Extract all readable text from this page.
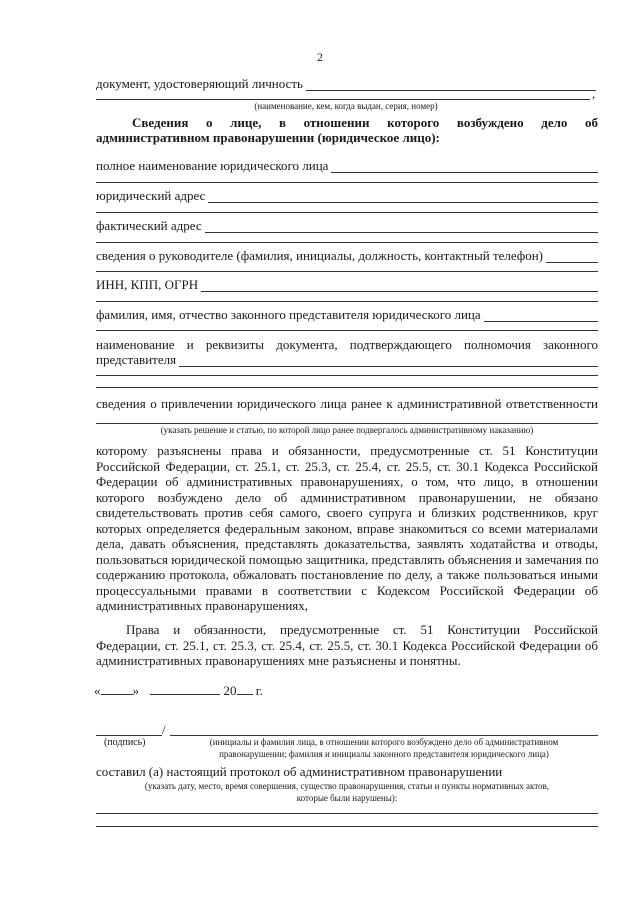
2
документ, удостоверяющий личность
,
(наименование, кем, когда выдан, серия, номер)
Сведения о лице, в отношении которого возбуждено дело об
административном правонарушении (юридическое лицо):
полное наименование юридического лица
юридический адрес
фактический адрес
сведения о руководителе (фамилия, инициалы, должность, контактный телефон)
ИНН, КПП, ОГРН
фамилия, имя, отчество законного представителя юридического лица
наименование и реквизиты документа, подтверждающего полномочия законного
представителя
сведения о привлечении юридического лица ранее к административной ответственности
(указать решение и статью, по которой лицо ранее подвергалось административному наказанию)
которому разъяснены права и обязанности, предусмотренные ст. 51 Конституции
Российской Федерации, ст. 25.1, ст. 25.3, ст. 25.4, ст. 25.5, ст. 30.1 Кодекса Российской
Федерации об административных правонарушениях, о том, что лицо, в отношении
которого возбуждено дело об административном правонарушении, не обязано
свидетельствовать против себя самого, своего супруга и близких родственников, круг
которых определяется федеральным законом, вправе знакомиться со всеми материалами
дела, давать объяснения, представлять доказательства, заявлять ходатайства и отводы,
пользоваться юридической помощью защитника, представлять объяснения и замечания по
содержанию протокола, обжаловать постановление по делу, а также пользоваться иными
процессуальными правами в соответствии с Кодексом Российской Федерации об
административных правонарушениях,
Права и обязанности, предусмотренные ст. 51 Конституции Российской
Федерации, ст. 25.1, ст. 25.3, ст. 25.4, ст. 25.5, ст. 30.1 Кодекса Российской Федерации об
административных правонарушениях мне разъяснены и понятны.
« »	20 г.
/
(подпись)	(инициалы и фамилия лица, в отношении которого возбуждено дело об административном
правонарушении; фамилия и инициалы законного представителя юридического лица)
составил (а) настоящий протокол об административном правонарушении
(указать дату, место, время совершения, существо правонарушения, статьи и пункты нормативных актов,
которые были нарушены):
